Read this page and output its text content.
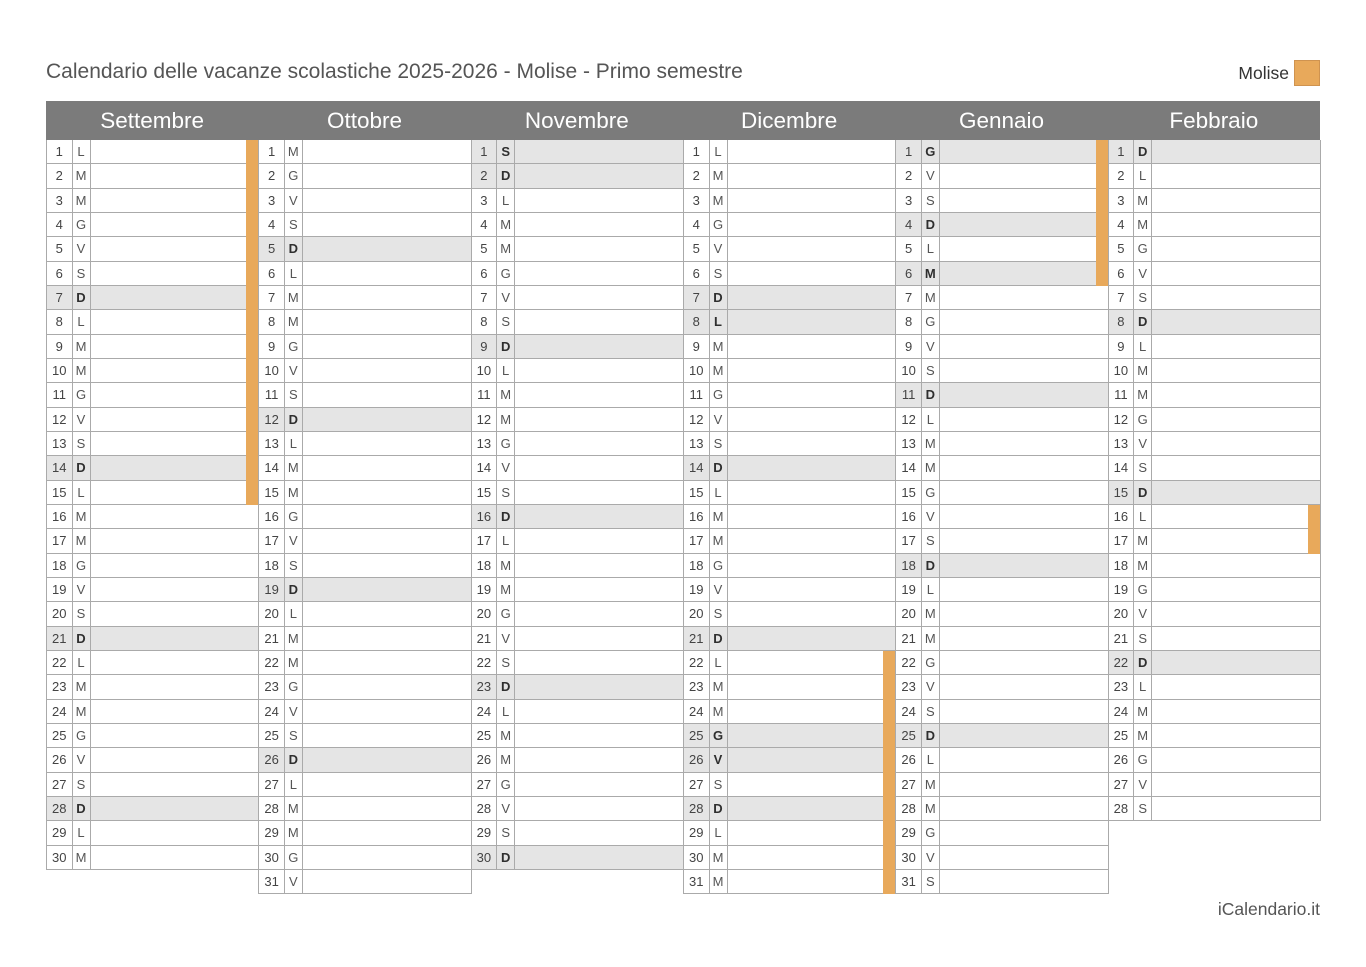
Calendario delle vacanze scolastiche 2025-2026 - Molise - Primo semestre	Molise
Settembre	Ottobre	Novembre	Dicembre	Gennaio	Febbraio
1	L
2 M
3 M
4	G
5	V
6	S
7	D
8	L
9 M
10 M
11 G
12 V
13 S
14 D
15 L
16 M
17 M
18 G
19 V
20 S
21 D
22 L
23 M
24 M
25 G
26 V
27 S
28 D
29 L
30 M
1 M
2	G
3	V
4	S
5	D
6	L
7 M
8 M
9	G
10 V
11 S
12 D
13 L
14 M
15 M
16 G
17 V
18 S
19 D
20 L
21 M
22 M
23 G
24 V
25 S
26 D
27 L
28 M
29 M
30 G
31 V
1	S
2	D
3	L
4 M
5 M
6	G
7	V
8	S
9	D
10 L
11 M
12 M
13 G
14 V
15 S
16 D
17 L
18 M
19 M
20 G
21 V
22 S
23 D
24 L
25 M
26 M
27 G
28 V
29 S
30 D
1	L
2 M
3 M
4	G
5	V
6	S
7	D
8	L
9 M
10 M
11 G
12 V
13 S
14 D
15 L
16 M
17 M
18 G
19 V
20 S
21 D
22 L
23 M
24 M
25 G
26 V
27 S
28 D
29 L
30 M
31 M
1	G
2	V
3	S
4	D
5	L
6 M
7 M
8	G
9	V
10 S
11 D
12 L
13 M
14 M
15 G
16 V
17 S
18 D
19 L
20 M
21 M
22 G
23 V
24 S
25 D
26 L
27 M
28 M
29 G
30 V
31 S
1	D
2	L
3 M
4 M
5	G
6	V
7	S
8	D
9	L
10 M
11 M
12 G
13 V
14 S
15 D
16 L
17 M
18 M
19 G
20 V
21 S
22 D
23 L
24 M
25 M
26 G
27 V
28 S
iCalendario.it
